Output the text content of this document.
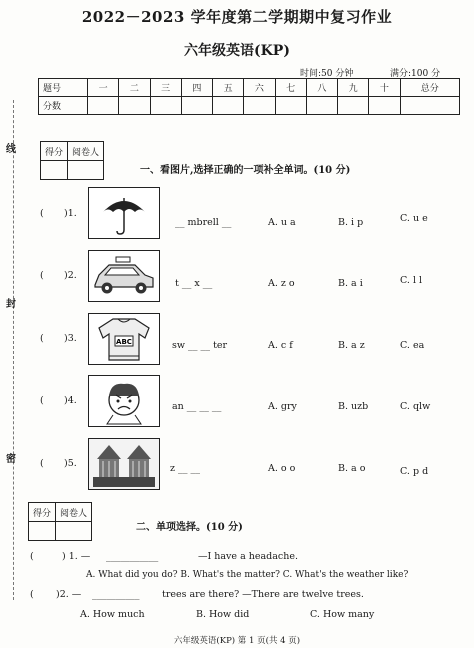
2022－2023 学年度第二学期期中复习作业
六年级英语(KP)
时间:50 分钟	满分:100 分
题号	一	二	三	四	五	六	七	八	九	十	总分
分数											
线
封
密
得分	阅卷人

一、看图片,选择正确的一项补全单词。(10 分)
ABC
( )1.
__ mbrell __	A. u a	B. i p	C. u e
( )2.
t __ x __	A. z o	B. a i	C. l l
( )3.
sw __ __ ter	A. c f	B. a z	C. ea
( )4.
an __ __ __	A. gry	B. uzb	C. qlw
( )5.	z __ __	A. o o	B. a o	C. p d
得分	阅卷人

二、单项选择。(10 分)
(	) 1. — ___________	—I have a headache.
A. What did you do? B. What's the matter? C. What's the weather like?
( )2. — __________ trees are there? —There are twelve trees.
A. How much	B. How did	C. How many
六年级英语(KP) 第 1 页(共 4 页)
